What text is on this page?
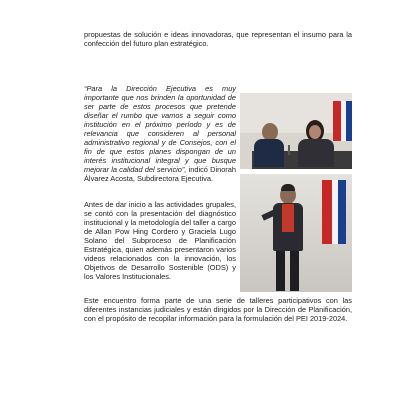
propuestas de solución e ideas innovadoras, que representan el insumo para la confección del futuro plan estratégico.
“Para la Dirección Ejecutiva es muy importante que nos brinden la oportunidad de ser parte de estos procesos que pretende diseñar el rumbo que vamos a seguir como institución en el próximo período y es de relevancia que consideren al personal administrativo regional y de Consejos, con el fin de que estos planes dispongan de un interés institucional integral y que busque mejorar la calidad del servicio”, indicó Dinorah Álvarez Acosta, Subdirectora Ejecutiva.
Antes de dar inicio a las actividades grupales, se contó con la presentación del diagnóstico institucional y la metodología del taller a cargo de Allan Pow Hing Cordero y Graciela Lugo Solano del Subproceso de Planificación Estratégica, quien además presentaron varios videos relacionados con la innovación, los Objetivos de Desarrollo Sostenible (ODS) y los Valores Institucionales.
Este encuentro forma parte de una serie de talleres participativos con las diferentes instancias judiciales y están dirigidos por la Dirección de Planificación, con el propósito de recopilar información para la formulación del PEI 2019-2024.
